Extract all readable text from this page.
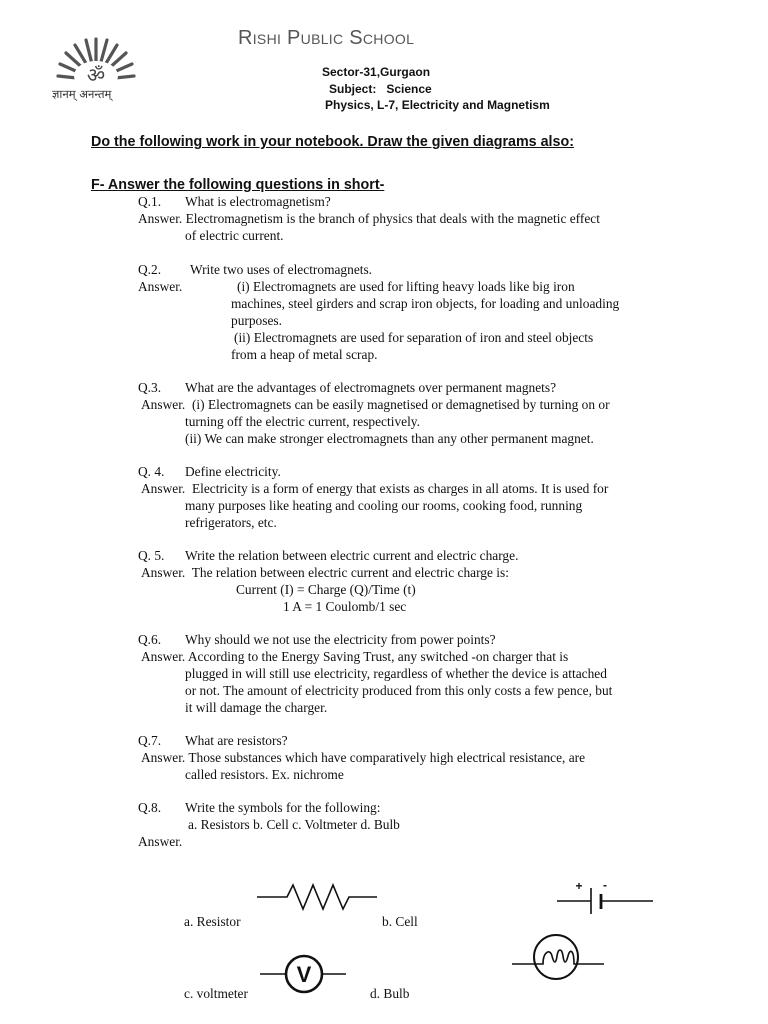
ॐ
ज्ञानम् अनन्तम्
Rishi Public School
Sector-31,Gurgaon
Subject:   Science
Physics, L-7, Electricity and Magnetism
Do the following work in your notebook. Draw the given diagrams also:
F- Answer the following questions in short-
Q.1. What is electromagnetism?
Answer. Electromagnetism is the branch of physics that deals with the magnetic effect
of electric current.
Q.2. Write two uses of electromagnets.
Answer.	(i) Electromagnets are used for lifting heavy loads like big iron
machines, steel girders and scrap iron objects, for loading and unloading
purposes.
(ii) Electromagnets are used for separation of iron and steel objects
from a heap of metal scrap.
Q.3. What are the advantages of electromagnets over permanent magnets?
Answer.  (i) Electromagnets can be easily magnetised or demagnetised by turning on or
turning off the electric current, respectively.
(ii) We can make stronger electromagnets than any other permanent magnet.
Q. 4. Define electricity.
Answer.  Electricity is a form of energy that exists as charges in all atoms. It is used for
many purposes like heating and cooling our rooms, cooking food, running
refrigerators, etc.
Q. 5. Write the relation between electric current and electric charge.
Answer.  The relation between electric current and electric charge is:
Current (I) = Charge (Q)/Time (t)
1 A = 1 Coulomb/1 sec
Q.6. Why should we not use the electricity from power points?
Answer. According to the Energy Saving Trust, any switched -on charger that is
plugged in will still use electricity, regardless of whether the device is attached
or not. The amount of electricity produced from this only costs a few pence, but
it will damage the charger.
Q.7. What are resistors?
Answer. Those substances which have comparatively high electrical resistance, are
called resistors. Ex. nichrome
Q.8. Write the symbols for the following:
a. Resistors b. Cell c. Voltmeter d. Bulb
Answer.
a. Resistor
+ -
b. Cell
V
c. voltmeter	d. Bulb
